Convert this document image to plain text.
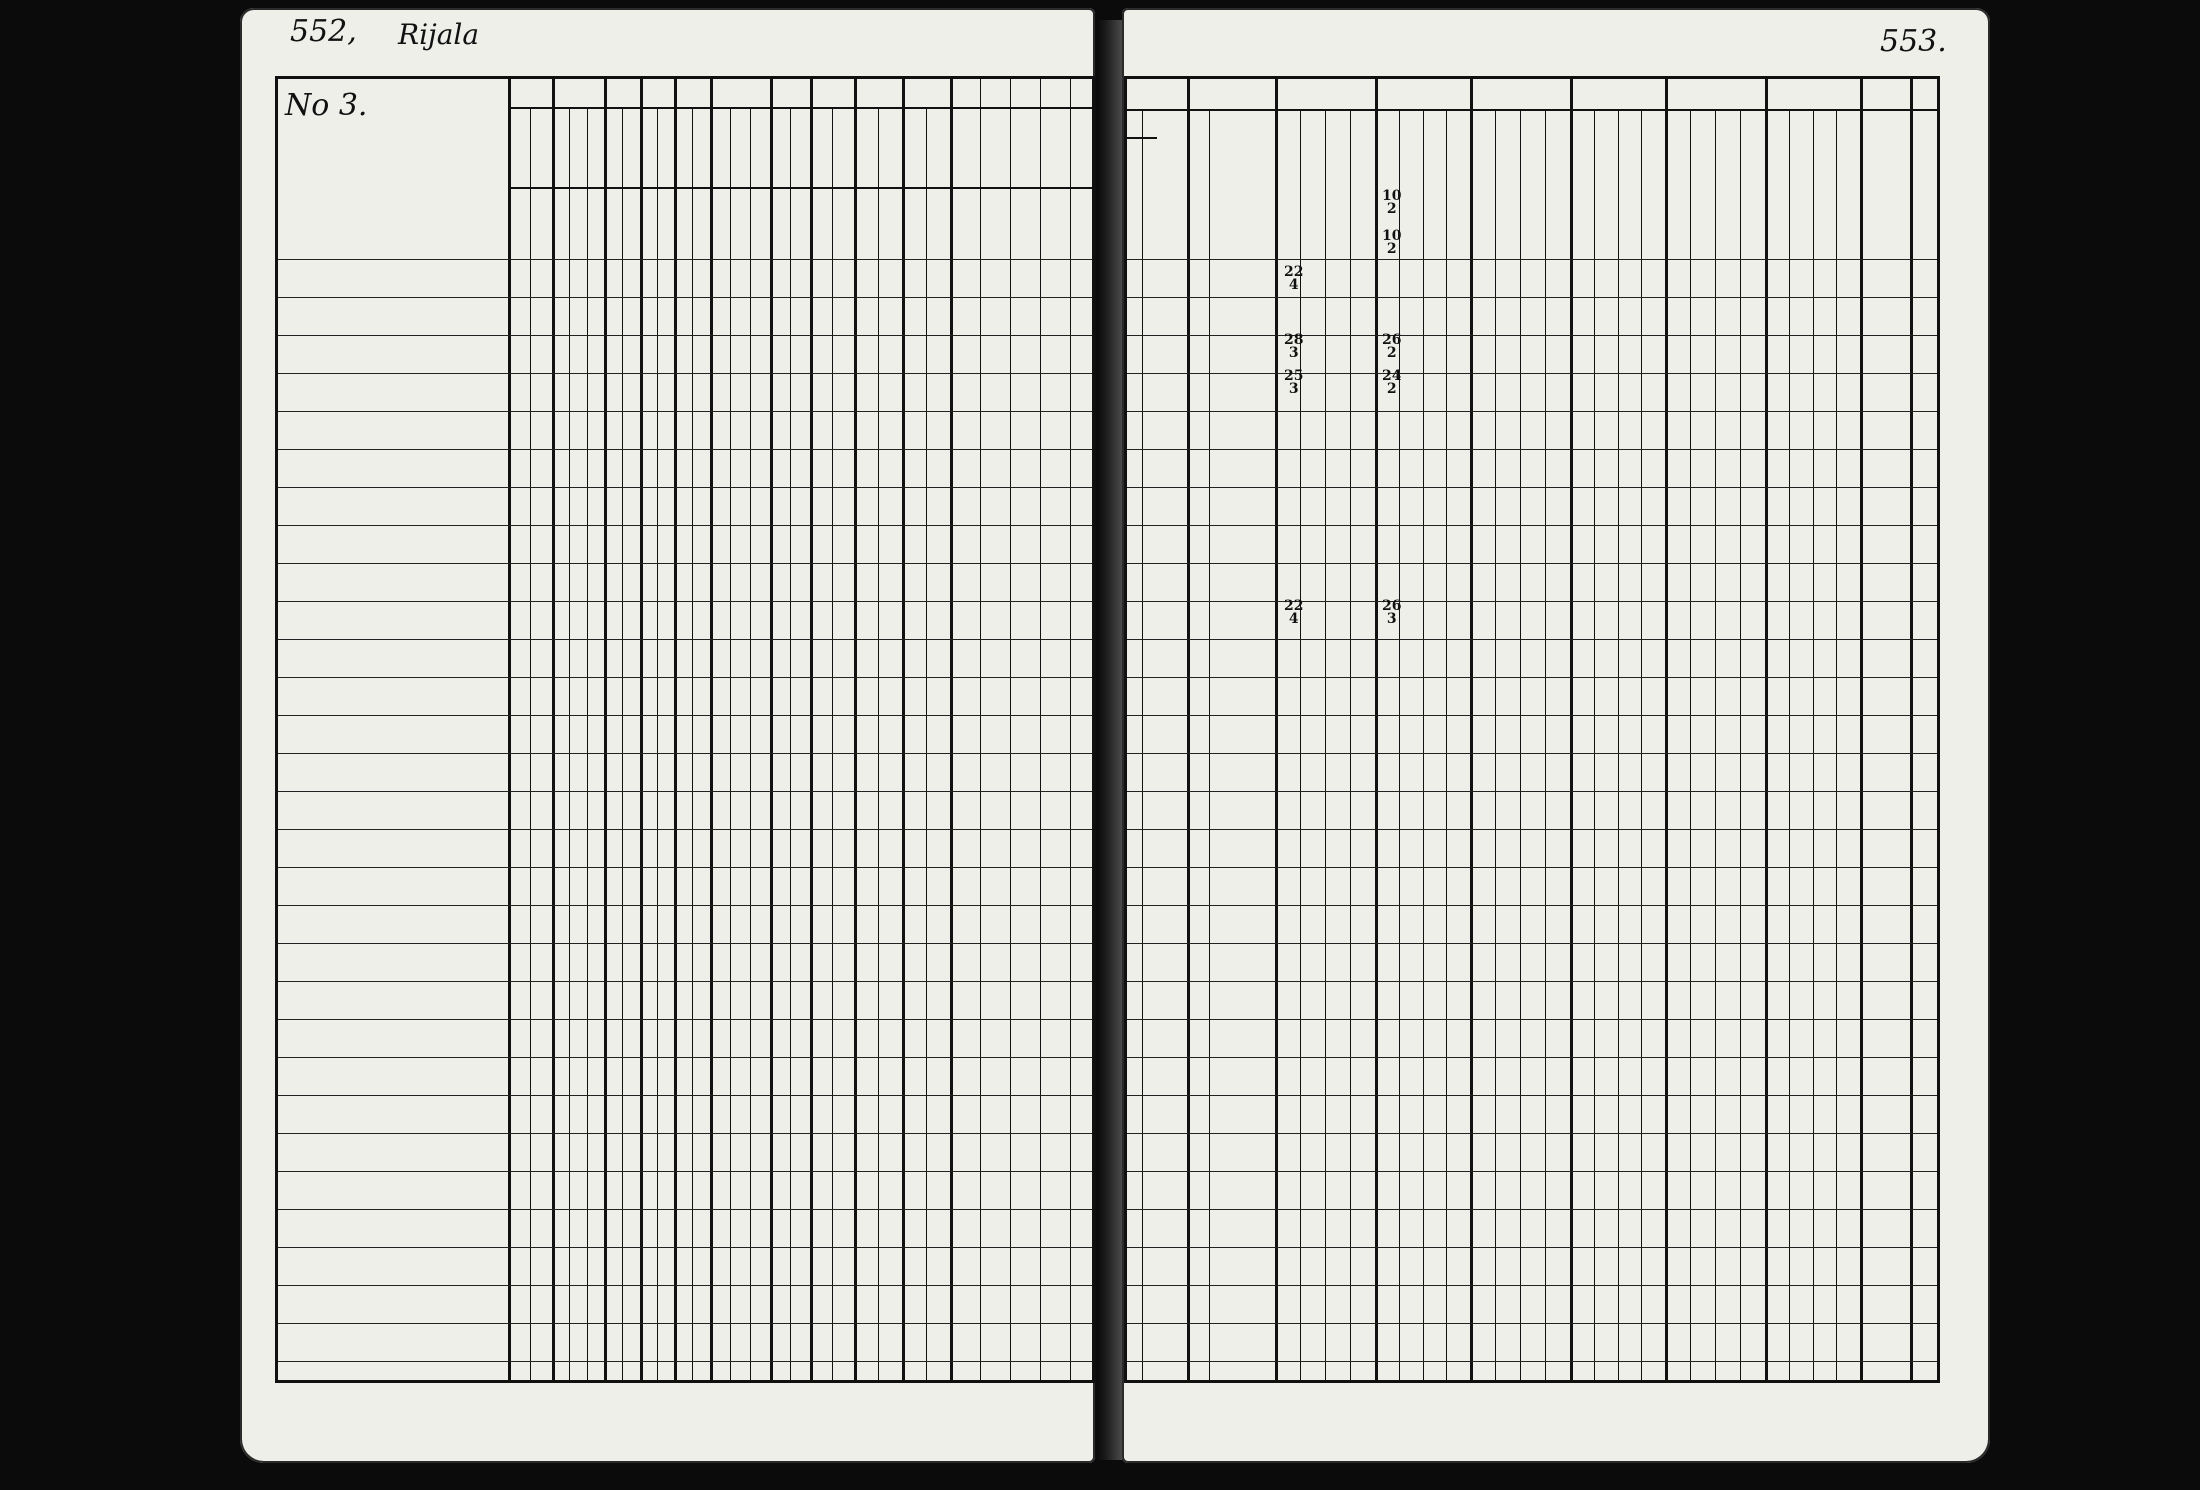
552, Rijala	553.
No 3.
10
2
10
2
22
4
28
3
26
2
25
3
24
2
22
4
26
3
